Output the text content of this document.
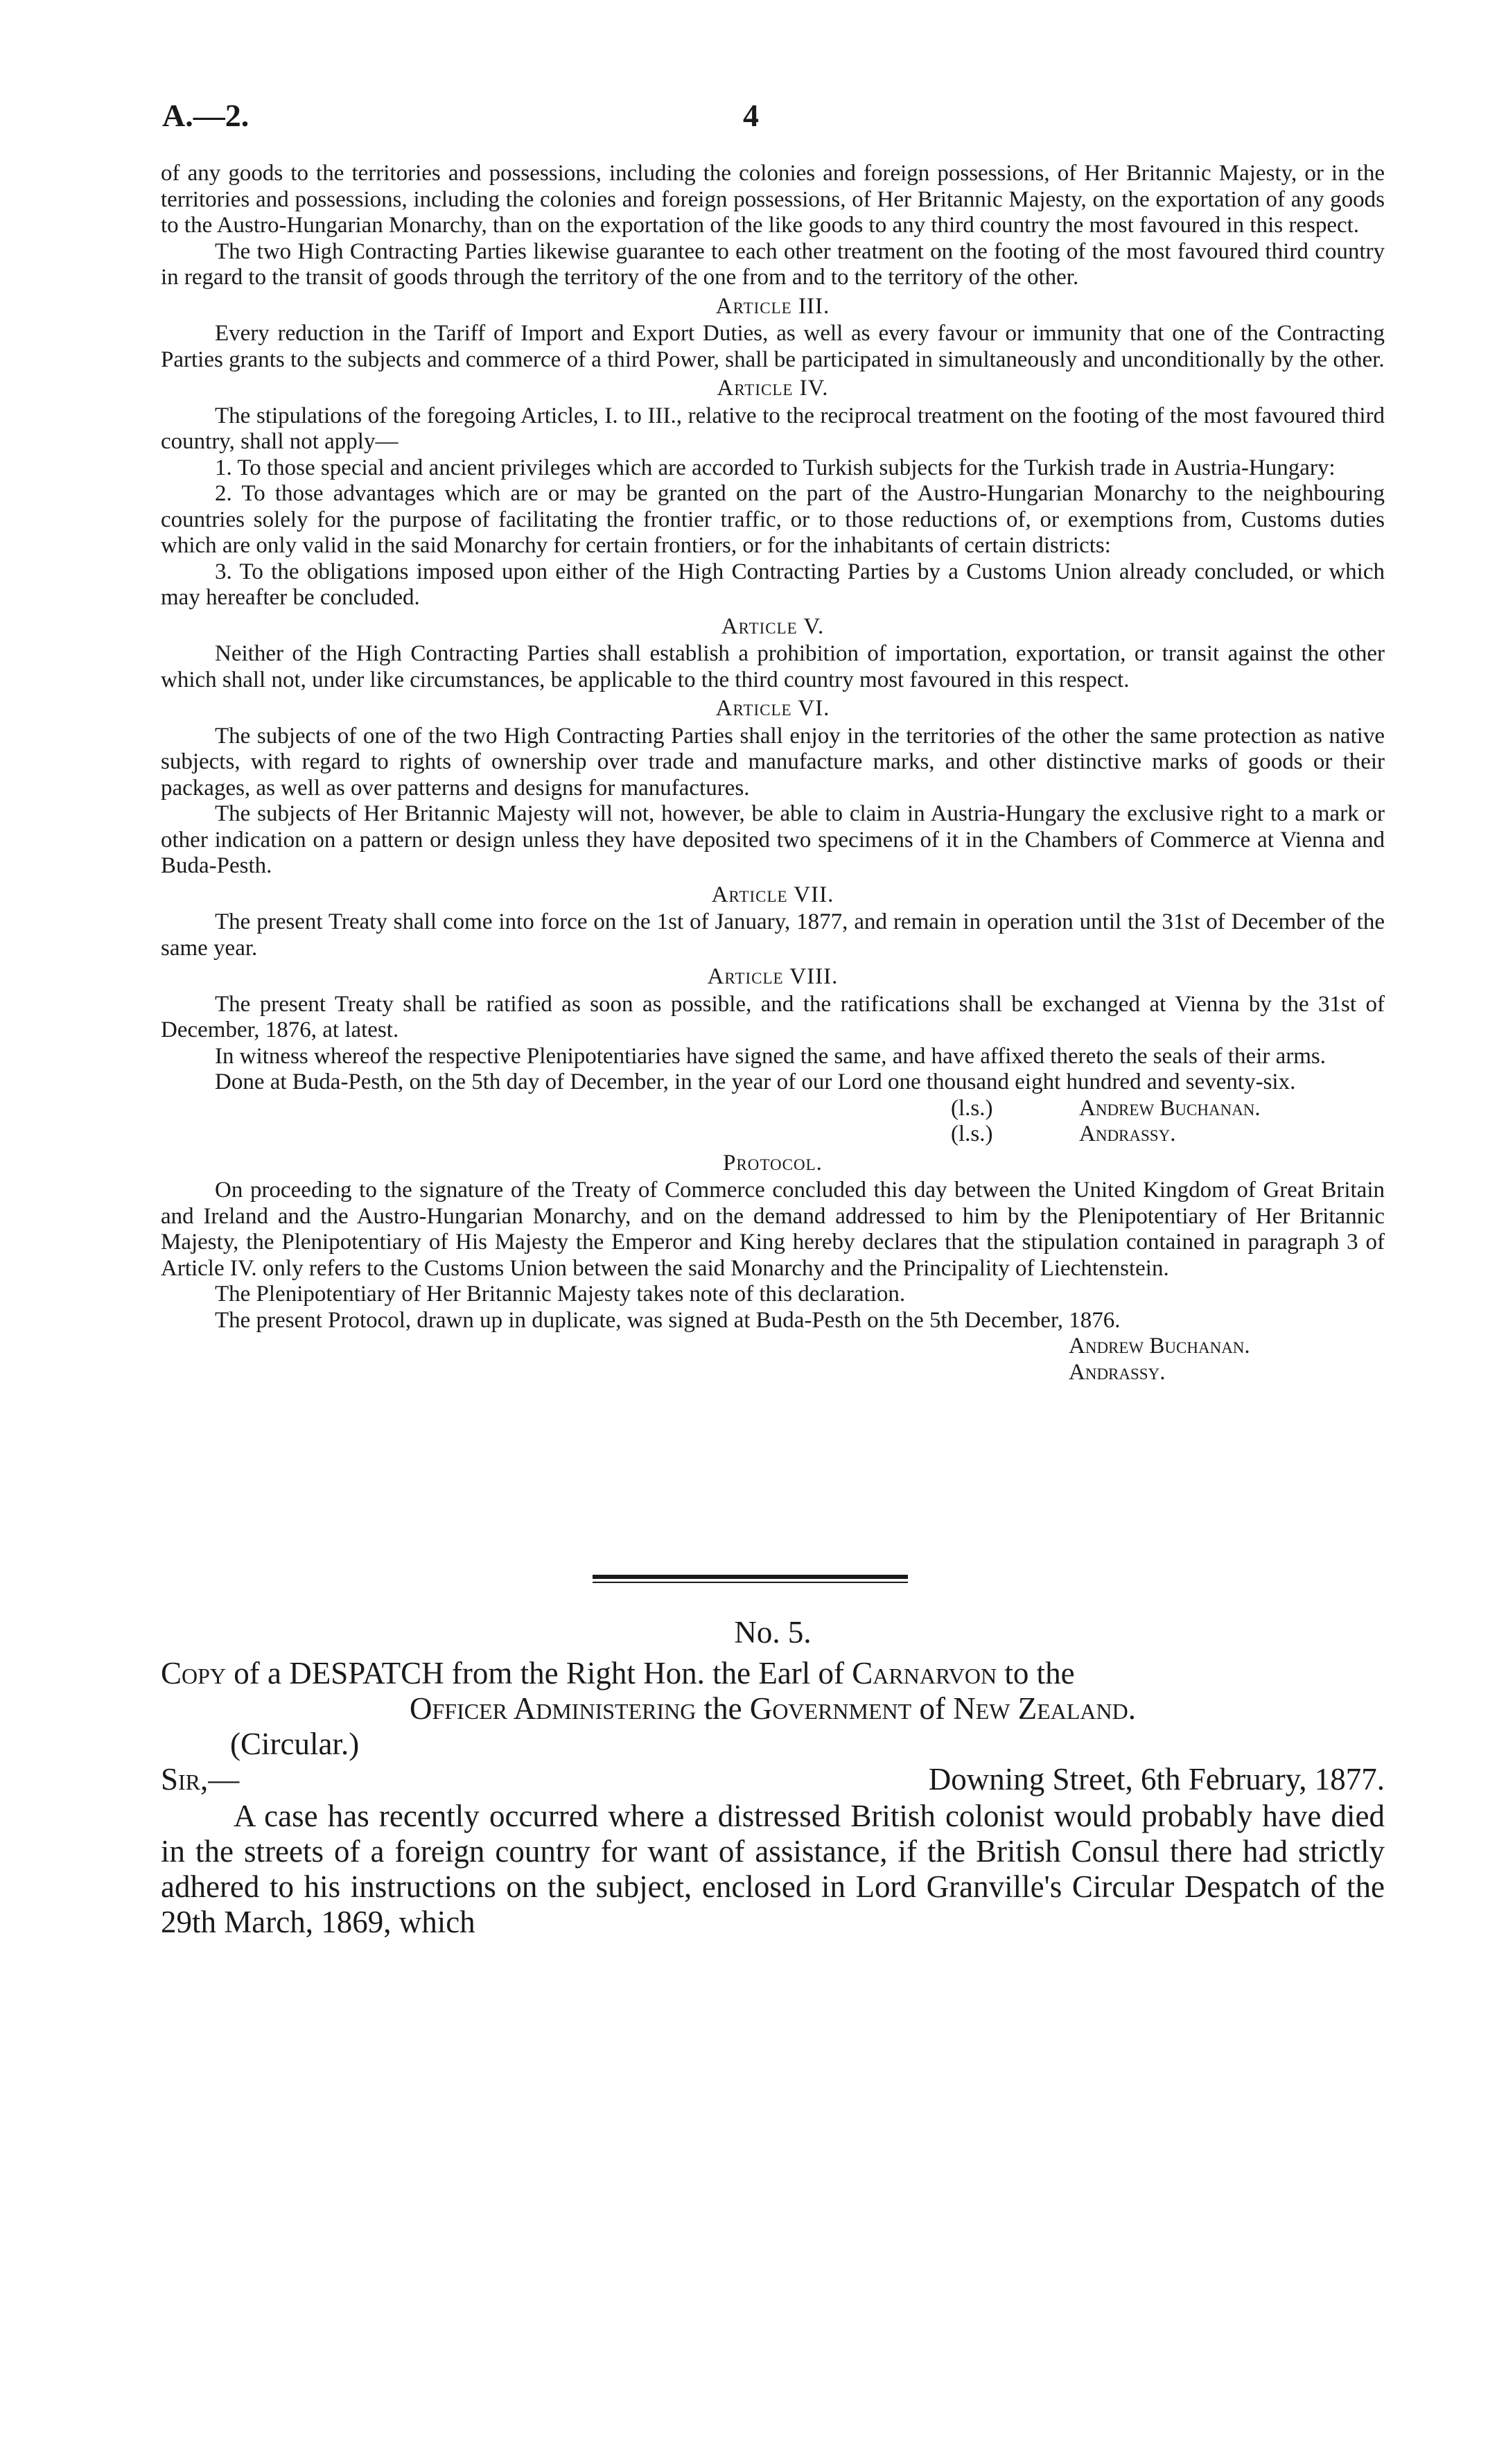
A.—2.	4

of any goods to the territories and possessions, including the colonies and foreign possessions, of Her Britannic Majesty, or in the territories and possessions, including the colonies and foreign possessions, of Her Britannic Majesty, on the exportation of any goods to the Austro-Hungarian Monarchy, than on the exportation of the like goods to any third country the most favoured in this respect.

The two High Contracting Parties likewise guarantee to each other treatment on the footing of the most favoured third country in regard to the transit of goods through the territory of the one from and to the territory of the other.

Article III.

Every reduction in the Tariff of Import and Export Duties, as well as every favour or immunity that one of the Contracting Parties grants to the subjects and commerce of a third Power, shall be participated in simultaneously and unconditionally by the other.

Article IV.

The stipulations of the foregoing Articles, I. to III., relative to the reciprocal treatment on the footing of the most favoured third country, shall not apply—

1. To those special and ancient privileges which are accorded to Turkish subjects for the Turkish trade in Austria-Hungary:

2. To those advantages which are or may be granted on the part of the Austro-Hungarian Monarchy to the neighbouring countries solely for the purpose of facilitating the frontier traffic, or to those reductions of, or exemptions from, Customs duties which are only valid in the said Monarchy for certain frontiers, or for the inhabitants of certain districts:

3. To the obligations imposed upon either of the High Contracting Parties by a Customs Union already concluded, or which may hereafter be concluded.

Article V.

Neither of the High Contracting Parties shall establish a prohibition of importation, exportation, or transit against the other which shall not, under like circumstances, be applicable to the third country most favoured in this respect.

Article VI.

The subjects of one of the two High Contracting Parties shall enjoy in the territories of the other the same protection as native subjects, with regard to rights of ownership over trade and manufacture marks, and other distinctive marks of goods or their packages, as well as over patterns and designs for manufactures.

The subjects of Her Britannic Majesty will not, however, be able to claim in Austria-Hungary the exclusive right to a mark or other indication on a pattern or design unless they have deposited two specimens of it in the Chambers of Commerce at Vienna and Buda-Pesth.

Article VII.

The present Treaty shall come into force on the 1st of January, 1877, and remain in operation until the 31st of December of the same year.

Article VIII.

The present Treaty shall be ratified as soon as possible, and the ratifications shall be exchanged at Vienna by the 31st of December, 1876, at latest.

In witness whereof the respective Plenipotentiaries have signed the same, and have affixed thereto the seals of their arms.

Done at Buda-Pesth, on the 5th day of December, in the year of our Lord one thousand eight hundred and seventy-six.

(l.s.)	Andrew Buchanan.
(l.s.)	Andrassy.
Protocol.

On proceeding to the signature of the Treaty of Commerce concluded this day between the United Kingdom of Great Britain and Ireland and the Austro-Hungarian Monarchy, and on the demand addressed to him by the Plenipotentiary of Her Britannic Majesty, the Plenipotentiary of His Majesty the Emperor and King hereby declares that the stipulation contained in paragraph 3 of Article IV. only refers to the Customs Union between the said Monarchy and the Principality of Liechtenstein.

The Plenipotentiary of Her Britannic Majesty takes note of this declaration.

The present Protocol, drawn up in duplicate, was signed at Buda-Pesth on the 5th December, 1876.

Andrew Buchanan.
Andrassy.
No. 5.
Copy of a DESPATCH from the Right Hon. the Earl of Carnarvon to the
Officer Administering the Government of New Zealand.
(Circular.)
Sir,—	Downing Street, 6th February, 1877.

A case has recently occurred where a distressed British colonist would probably have died in the streets of a foreign country for want of assistance, if the British Consul there had strictly adhered to his instructions on the subject, enclosed in Lord Granville's Circular Despatch of the 29th March, 1869, which
